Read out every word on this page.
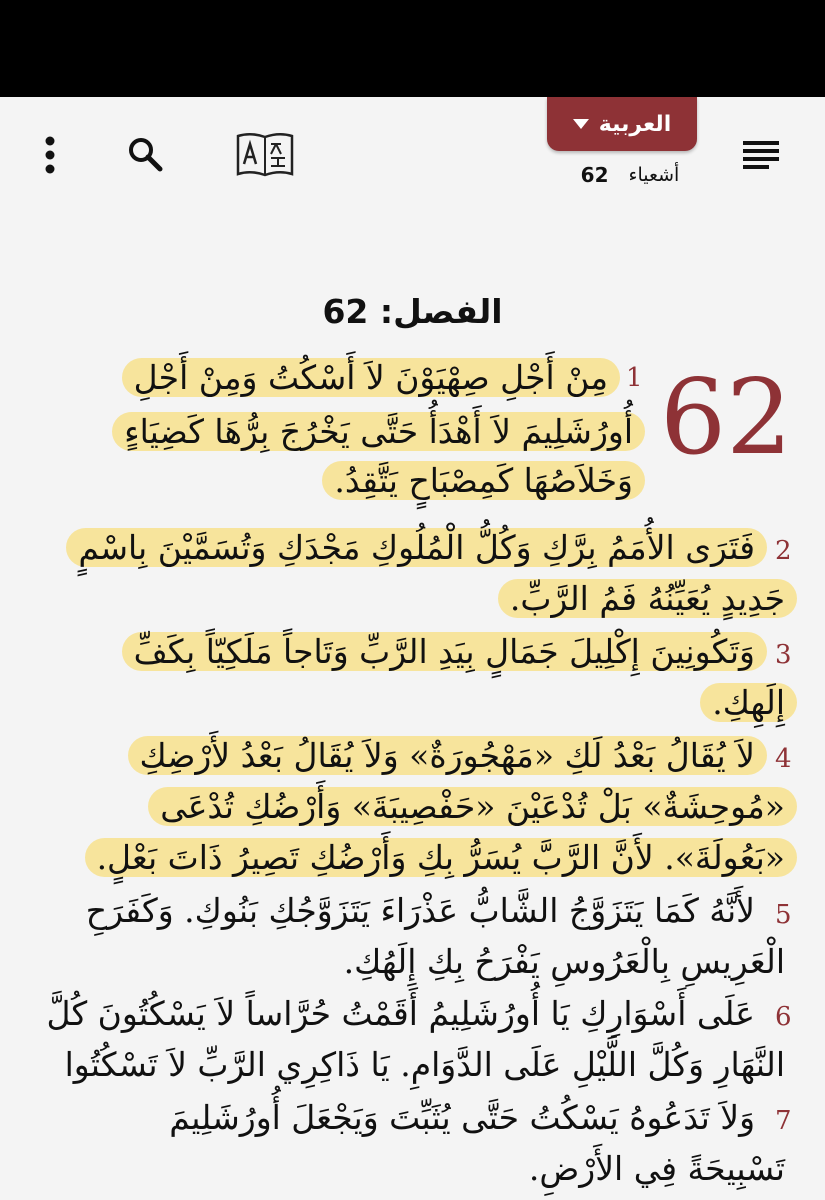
العربية
أشعياء
62
الفصل: 62
62
1
مِنْ أَجْلِ صِهْيَوْنَ لاَ أَسْكُتُ وَمِنْ أَجْلِ
أُورُشَلِيمَ لاَ أَهْدَأُ حَتَّى يَخْرُجَ بِرُّهَا كَضِيَاءٍ
وَخَلاَصُهَا كَمِصْبَاحٍ يَتَّقِدُ.
2
فَتَرَى الأُمَمُ بِرَّكِ وَكُلُّ الْمُلُوكِ مَجْدَكِ وَتُسَمَّيْنَ بِاسْمٍ
جَدِيدٍ يُعَيِّنُهُ فَمُ الرَّبِّ.
3
وَتَكُونِينَ إِكْلِيلَ جَمَالٍ بِيَدِ الرَّبِّ وَتَاجاً مَلَكِيّاً بِكَفِّ
إِلَهِكِ.
4
لاَ يُقَالُ بَعْدُ لَكِ «مَهْجُورَةٌ» وَلاَ يُقَالُ بَعْدُ لأَرْضِكِ
«مُوحِشَةٌ» بَلْ تُدْعَيْنَ «حَفْصِيبَةَ» وَأَرْضُكِ تُدْعَى
«بَعُولَةَ». لأَنَّ الرَّبَّ يُسَرُّ بِكِ وَأَرْضُكِ تَصِيرُ ذَاتَ بَعْلٍ.
5
لأَنَّهُ كَمَا يَتَزَوَّجُ الشَّابُّ عَذْرَاءَ يَتَزَوَّجُكِ بَنُوكِ. وَكَفَرَحِ
الْعَرِيسِ بِالْعَرُوسِ يَفْرَحُ بِكِ إِلَهُكِ.
6
عَلَى أَسْوَارِكِ يَا أُورُشَلِيمُ أَقَمْتُ حُرَّاساً لاَ يَسْكُتُونَ كُلَّ
النَّهَارِ وَكُلَّ اللَّيْلِ عَلَى الدَّوَامِ. يَا ذَاكِرِي الرَّبِّ لاَ تَسْكُتُوا
7
وَلاَ تَدَعُوهُ يَسْكُتُ حَتَّى يُثَبِّتَ وَيَجْعَلَ أُورُشَلِيمَ
تَسْبِيحَةً فِي الأَرْضِ.
